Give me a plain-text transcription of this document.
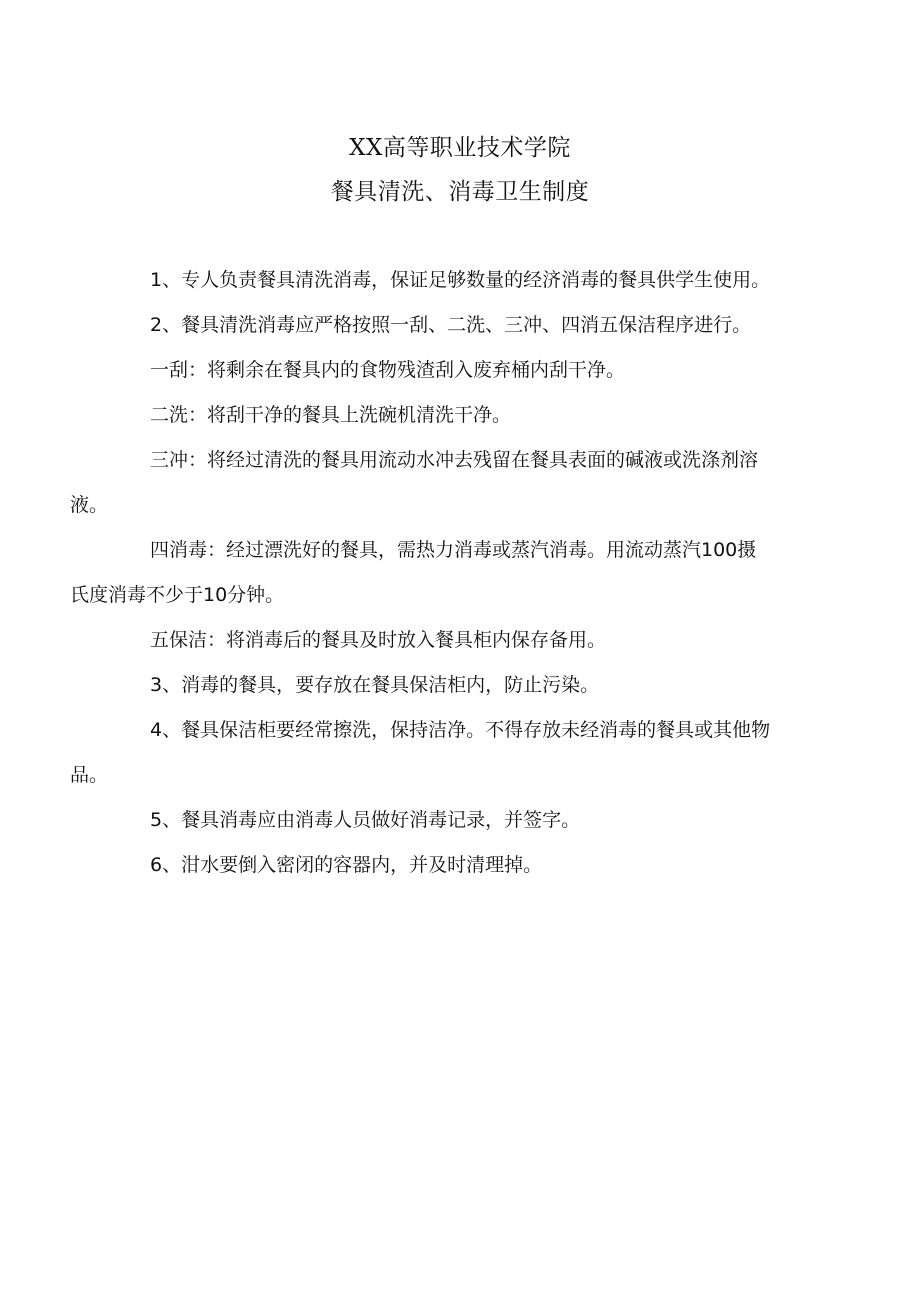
XX高等职业技术学院
餐具清洗、消毒卫生制度

1、专人负责餐具清洗消毒，保证足够数量的经济消毒的餐具供学生使用。

2、餐具清洗消毒应严格按照一刮、二洗、三冲、四消五保洁程序进行。

一刮：将剩余在餐具内的食物残渣刮入废弃桶内刮干净。

二洗：将刮干净的餐具上洗碗机清洗干净。

三冲：将经过清洗的餐具用流动水冲去残留在餐具表面的碱液或洗涤剂溶
液。

四消毒：经过漂洗好的餐具，需热力消毒或蒸汽消毒。用流动蒸汽100摄
氏度消毒不少于10分钟。

五保洁：将消毒后的餐具及时放入餐具柜内保存备用。

3、消毒的餐具，要存放在餐具保洁柜内，防止污染。

4、餐具保洁柜要经常擦洗，保持洁净。不得存放未经消毒的餐具或其他物
品。

5、餐具消毒应由消毒人员做好消毒记录，并签字。

6、泔水要倒入密闭的容器内，并及时清理掉。
